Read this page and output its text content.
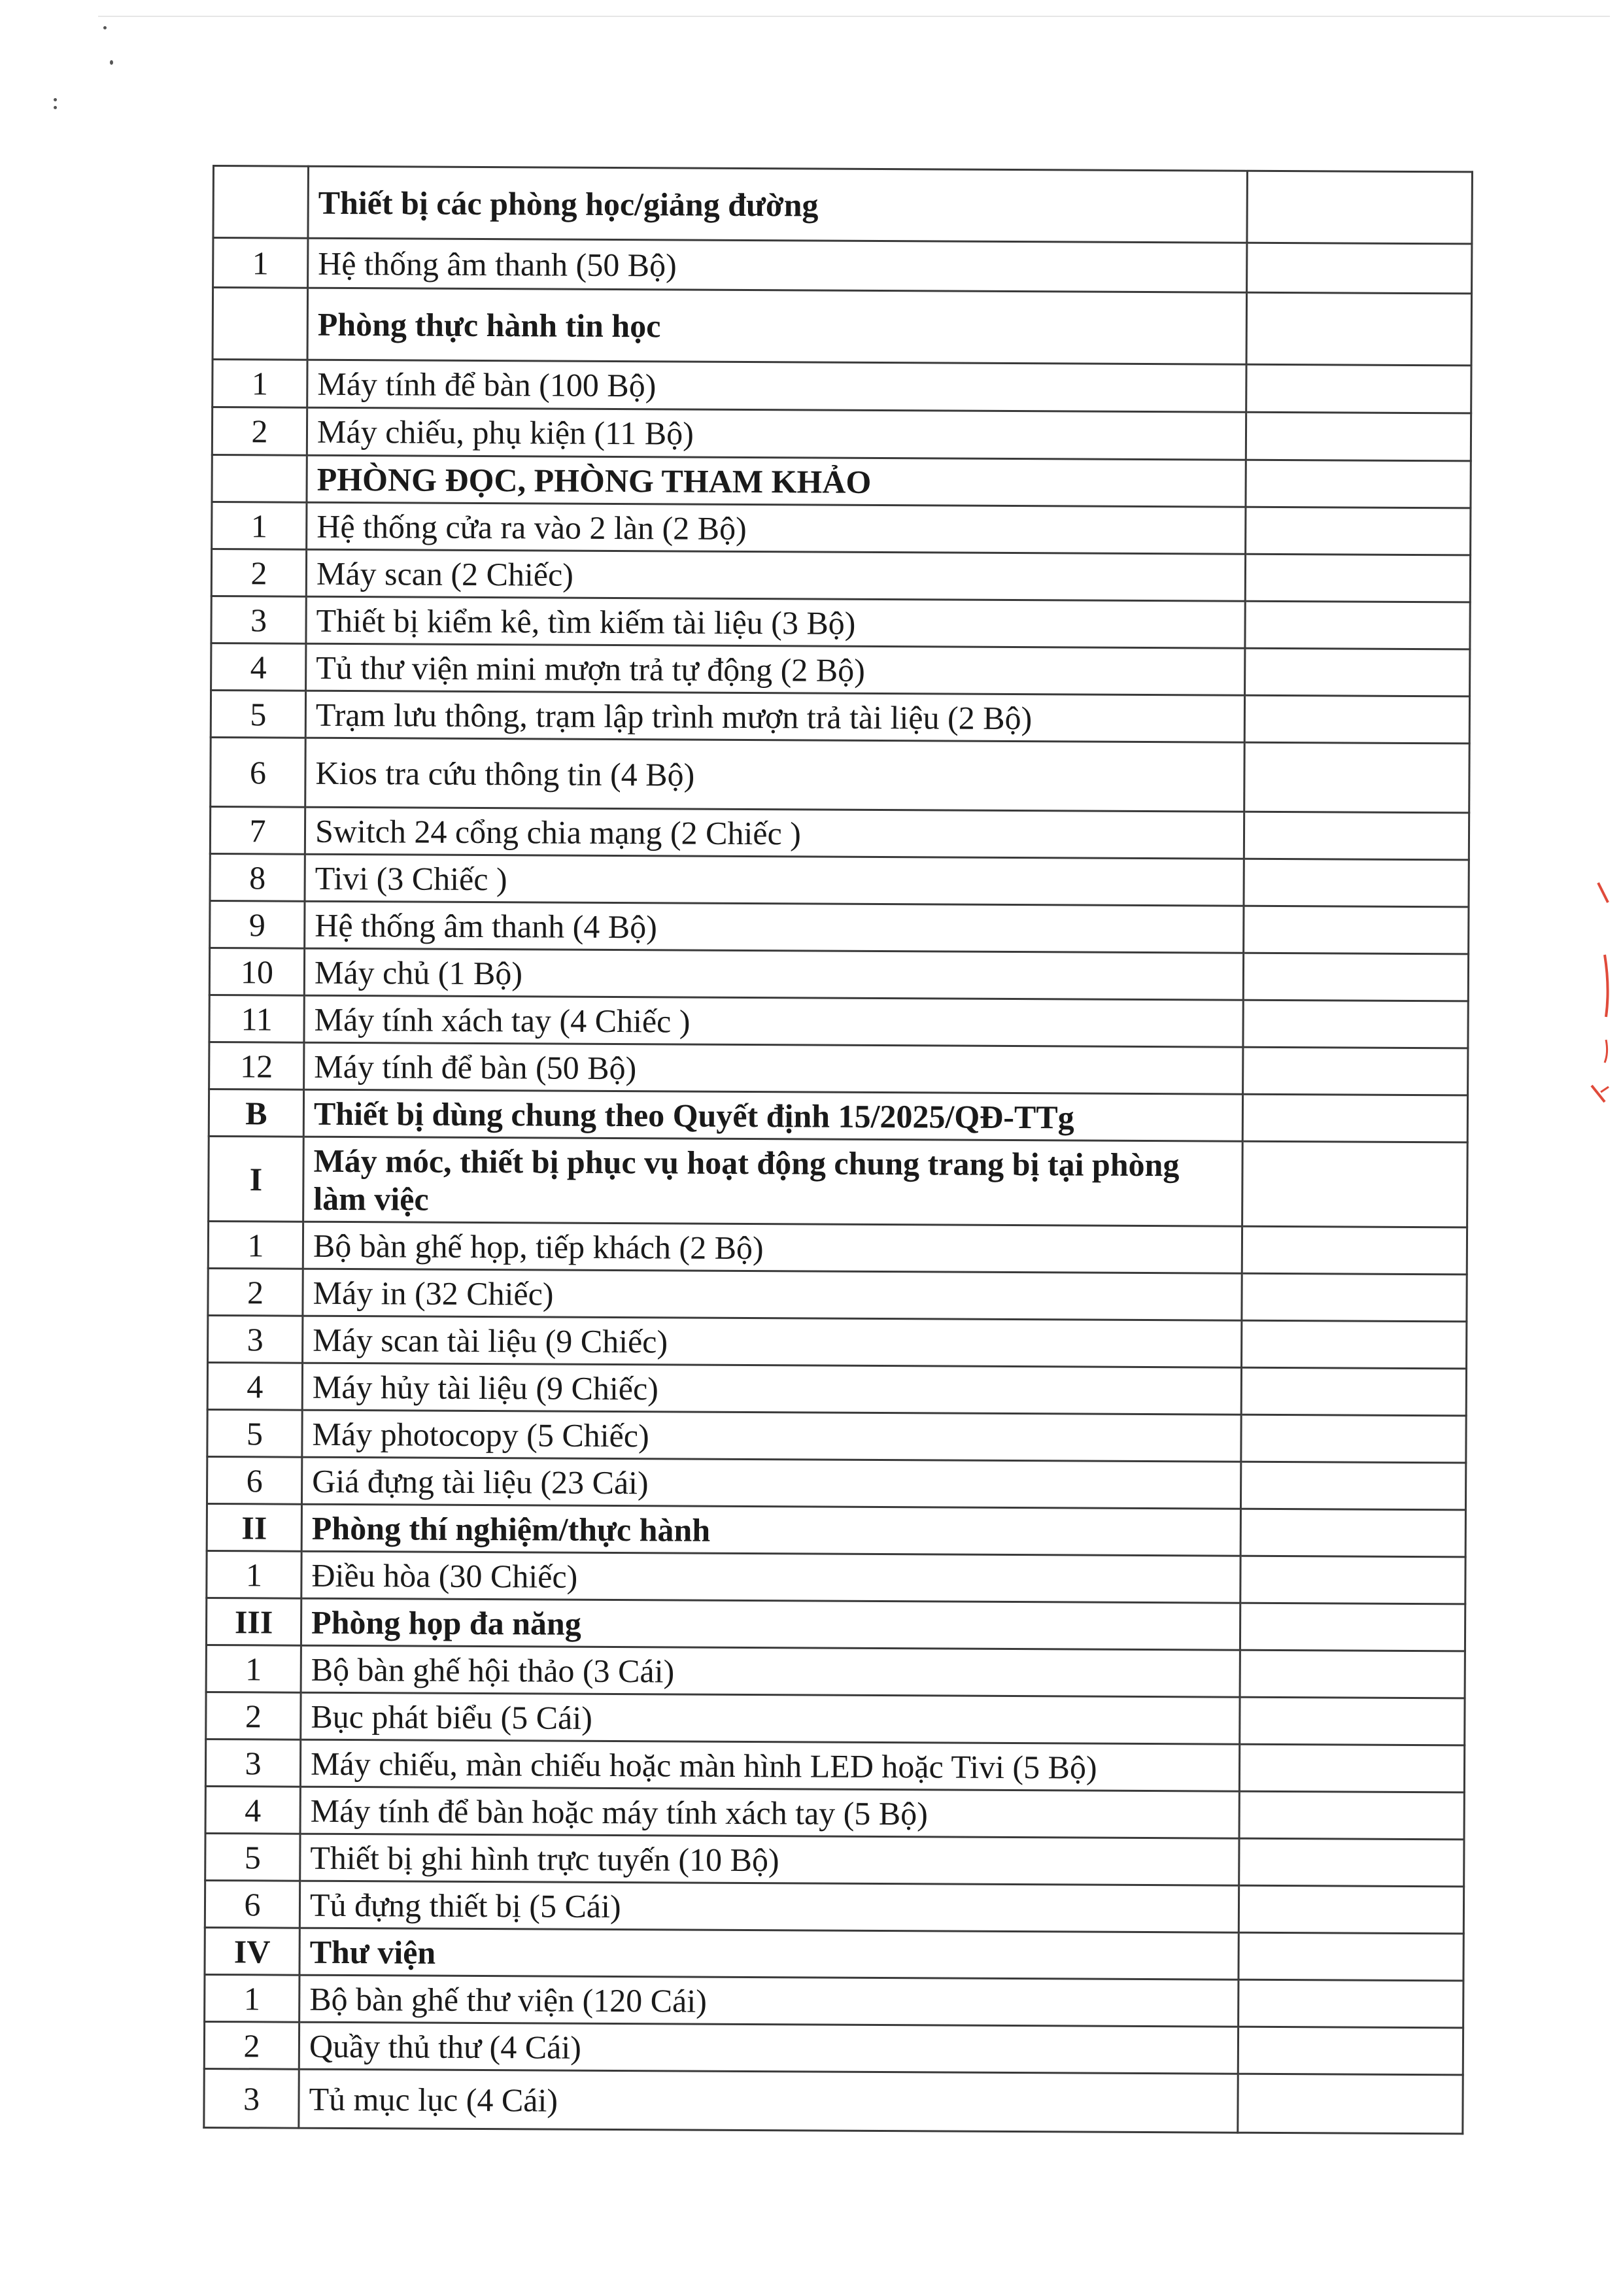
	Thiết bị các phòng học/giảng đường	
1	Hệ thống âm thanh (50 Bộ)	
	Phòng thực hành tin học	
1	Máy tính để bàn (100 Bộ)	
2	Máy chiếu, phụ kiện (11 Bộ)	
	PHÒNG ĐỌC, PHÒNG THAM KHẢO	
1	Hệ thống cửa ra vào 2 làn (2 Bộ)	
2	Máy scan (2 Chiếc)	
3	Thiết bị kiểm kê, tìm kiếm tài liệu (3 Bộ)	
4	Tủ thư viện mini mượn trả tự động (2 Bộ)	
5	Trạm lưu thông, trạm lập trình mượn trả tài liệu (2 Bộ)	
6	Kios tra cứu thông tin (4 Bộ)	
7	Switch 24 cổng chia mạng (2 Chiếc )	
8	Tivi (3 Chiếc )	
9	Hệ thống âm thanh (4 Bộ)	
10	Máy chủ (1 Bộ)	
11	Máy tính xách tay (4 Chiếc )	
12	Máy tính để bàn (50 Bộ)	
B	Thiết bị dùng chung theo Quyết định 15/2025/QĐ-TTg	
I	Máy móc, thiết bị phục vụ hoạt động chung trang bị tại phòng làm việc	
1	Bộ bàn ghế họp, tiếp khách (2 Bộ)	
2	Máy in (32 Chiếc)	
3	Máy scan tài liệu (9 Chiếc)	
4	Máy hủy tài liệu (9 Chiếc)	
5	Máy photocopy (5 Chiếc)	
6	Giá đựng tài liệu (23 Cái)	
II	Phòng thí nghiệm/thực hành	
1	Điều hòa (30 Chiếc)	
III	Phòng họp đa năng	
1	Bộ bàn ghế hội thảo (3 Cái)	
2	Bục phát biểu (5 Cái)	
3	Máy chiếu, màn chiếu hoặc màn hình LED hoặc Tivi (5 Bộ)	
4	Máy tính để bàn hoặc máy tính xách tay (5 Bộ)	
5	Thiết bị ghi hình trực tuyến (10 Bộ)	
6	Tủ đựng thiết bị (5 Cái)	
IV	Thư viện	
1	Bộ bàn ghế thư viện (120 Cái)	
2	Quầy thủ thư (4 Cái)	
3	Tủ mục lục (4 Cái)	
